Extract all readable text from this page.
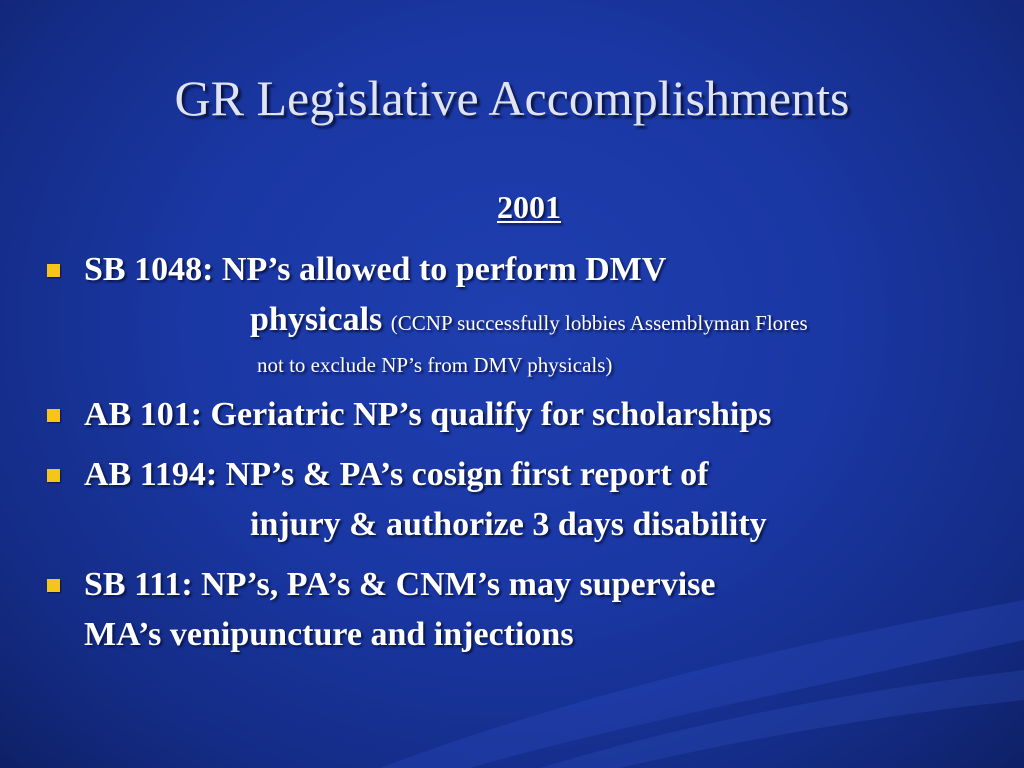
GR Legislative Accomplishments
2001
SB 1048: NP’s allowed to perform DMV
physicals (CCNP successfully lobbies Assemblyman Flores
not to exclude NP’s from DMV physicals)
AB 101: Geriatric NP’s qualify for scholarships
AB 1194: NP’s & PA’s cosign first report of
injury & authorize 3 days disability
SB 111: NP’s, PA’s & CNM’s may supervise
MA’s venipuncture and injections
